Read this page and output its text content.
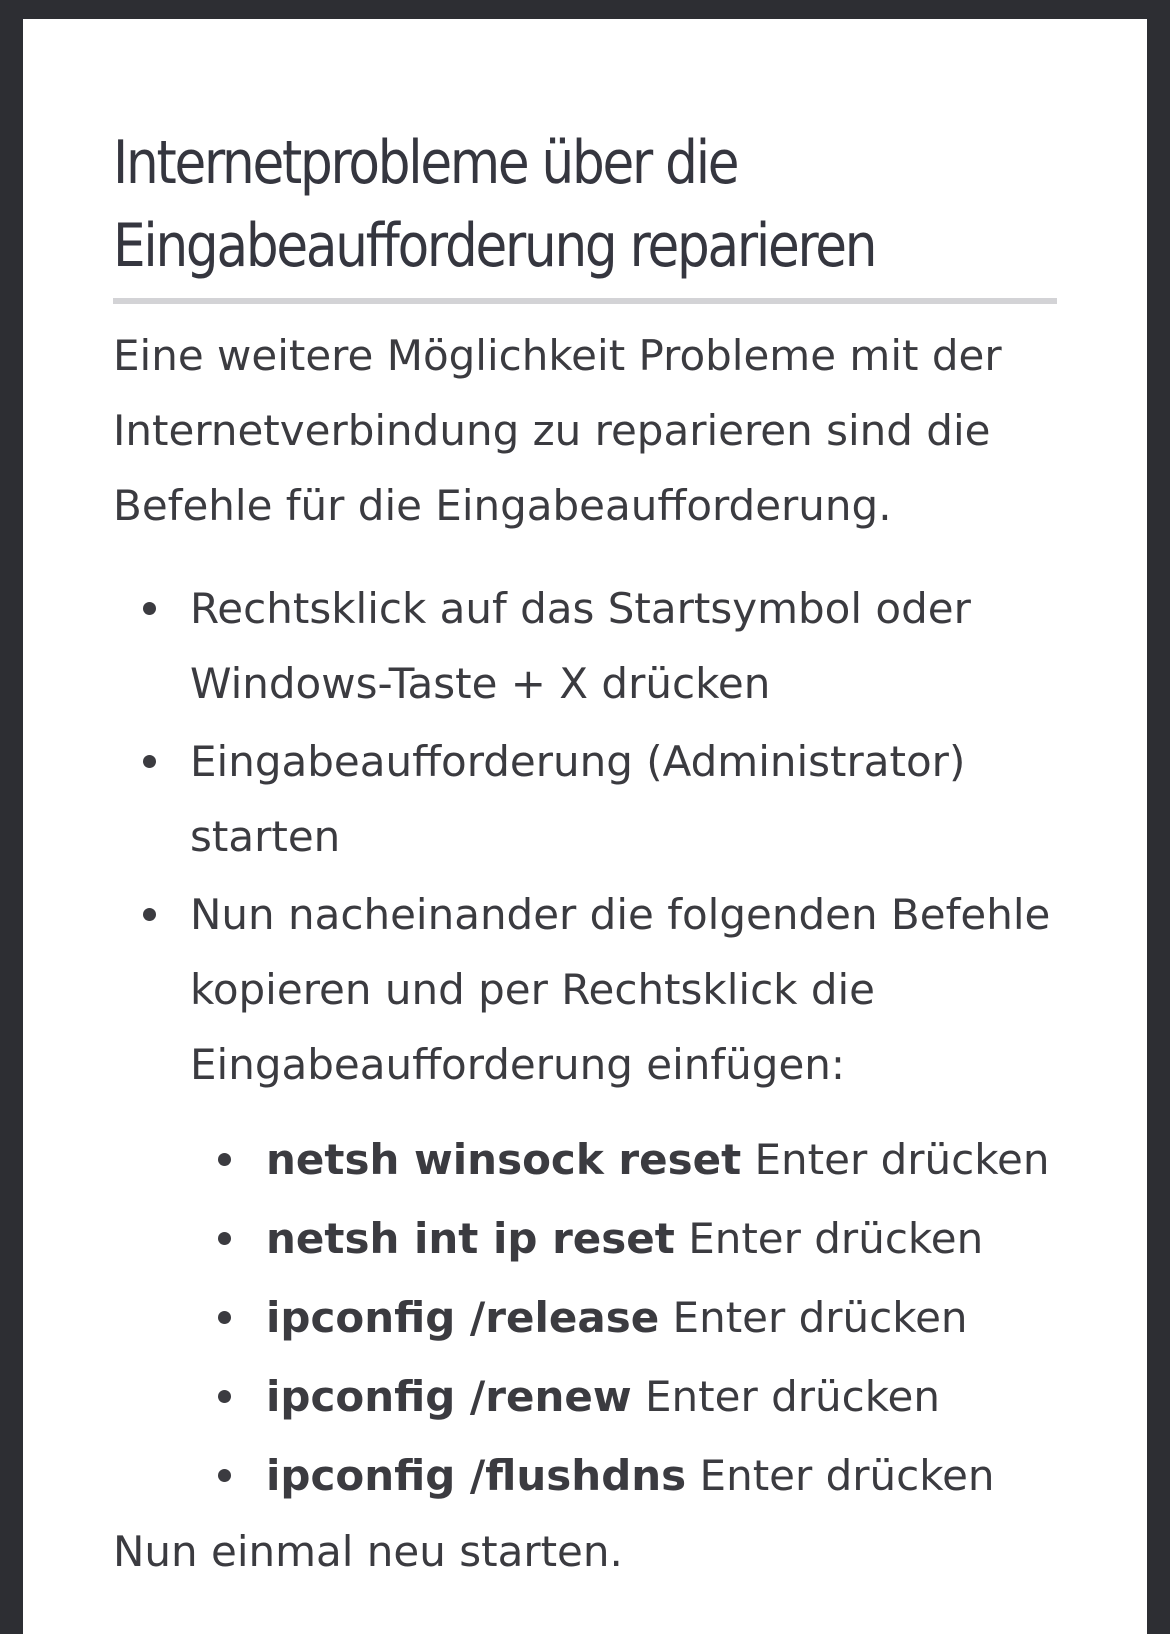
Internetprobleme über die
Eingabeaufforderung reparieren

Eine weitere Möglichkeit Probleme mit der Internetverbindung zu reparieren sind die Befehle für die Eingabeaufforderung.

Rechtsklick auf das Startsymbol oder Windows-Taste + X drücken
Eingabeaufforderung (Administrator) starten
Nun nacheinander die folgenden Befehle kopieren und per Rechtsklick die Eingabeaufforderung einfügen:
netsh winsock reset Enter drücken
netsh int ip reset Enter drücken
ipconfig /release Enter drücken
ipconfig /renew Enter drücken
ipconfig /flushdns Enter drücken

Nun einmal neu starten.
